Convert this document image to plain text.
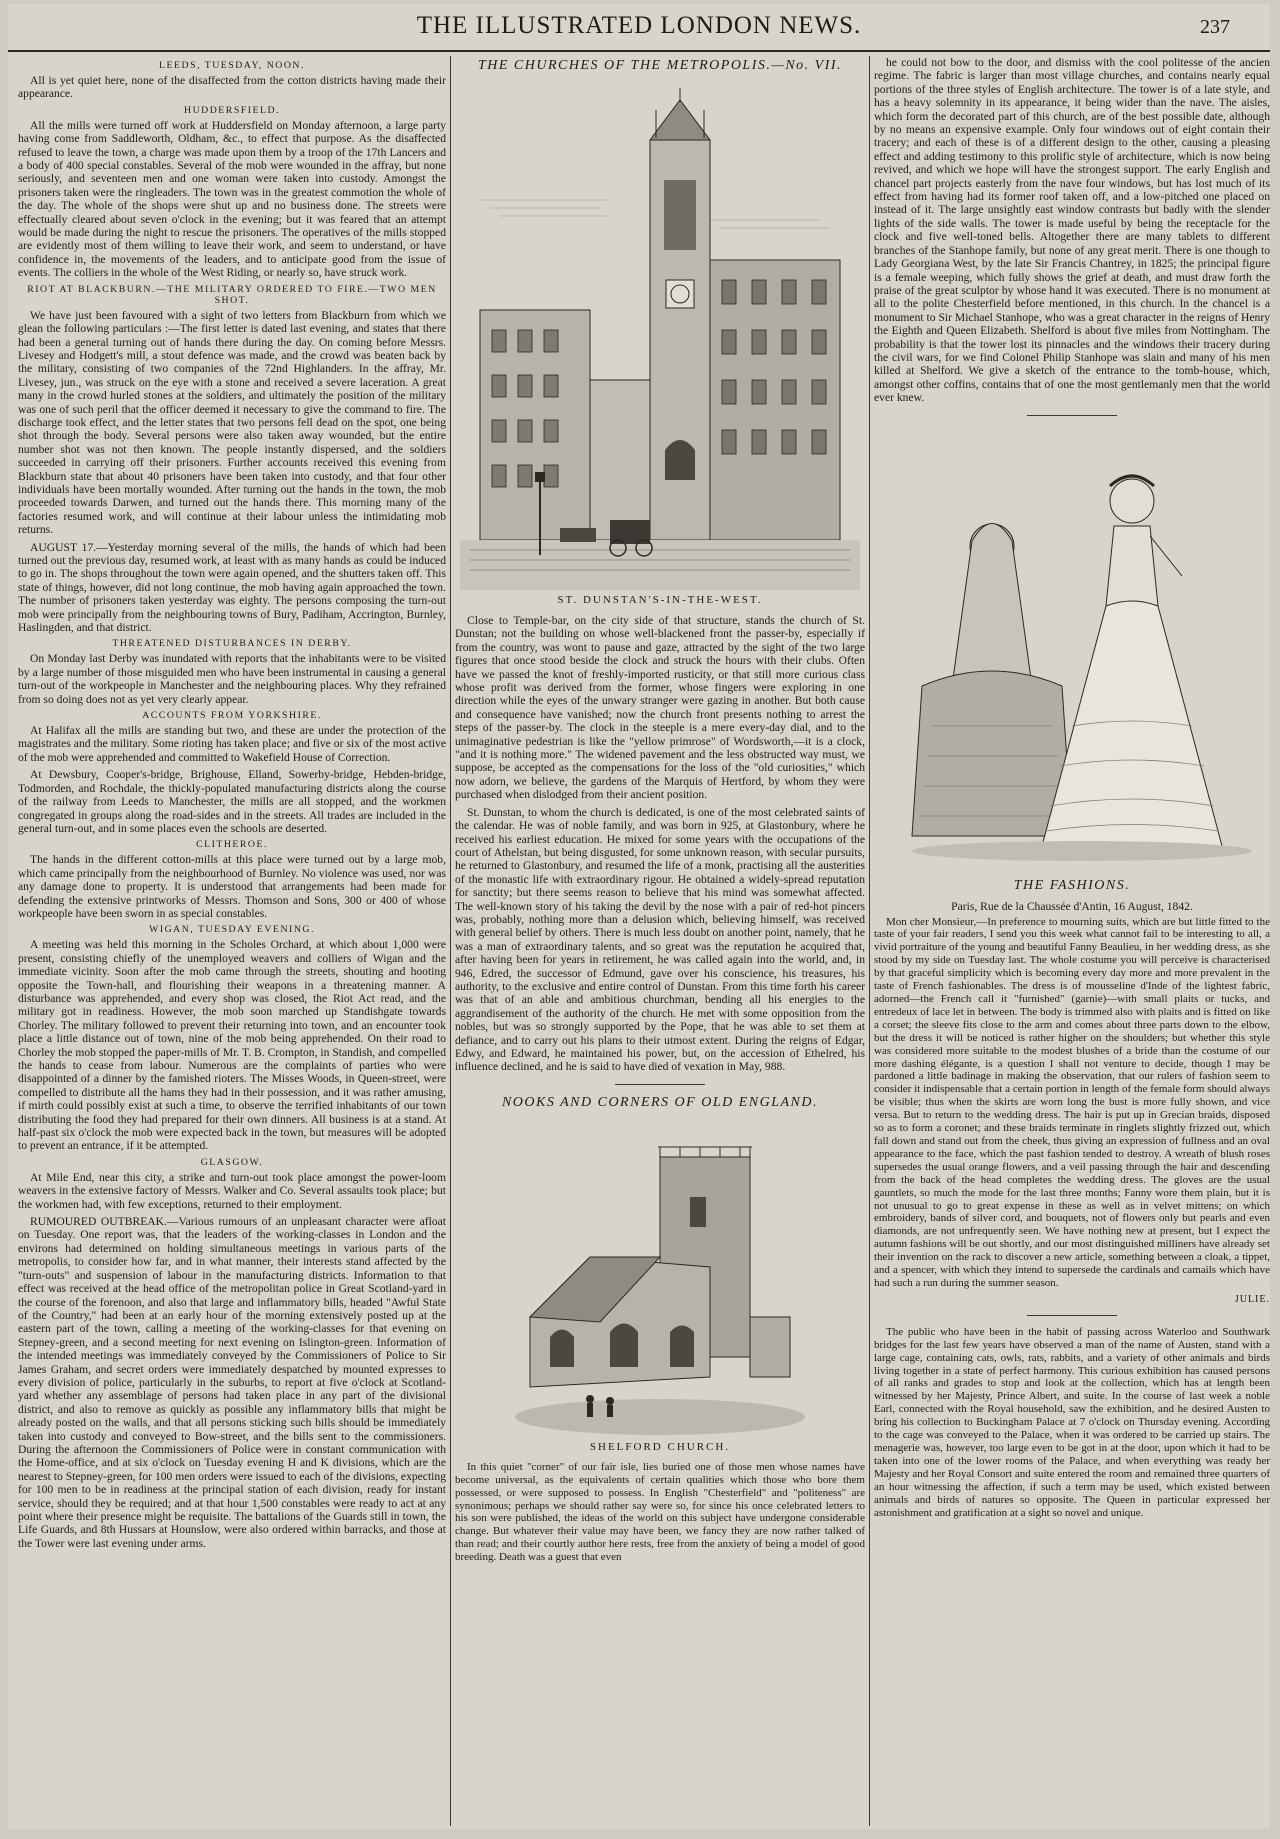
THE ILLUSTRATED LONDON NEWS.	237
LEEDS, TUESDAY, NOON.

All is yet quiet here, none of the disaffected from the cotton districts having made their appearance.

HUDDERSFIELD.

All the mills were turned off work at Huddersfield on Monday afternoon, a large party having come from Saddleworth, Oldham, &c., to effect that purpose. As the disaffected refused to leave the town, a charge was made upon them by a troop of the 17th Lancers and a body of 400 special constables. Several of the mob were wounded in the affray, but none seriously, and seventeen men and one woman were taken into custody. Amongst the prisoners taken were the ringleaders. The town was in the greatest commotion the whole of the day. The whole of the shops were shut up and no business done. The streets were effectually cleared about seven o'clock in the evening; but it was feared that an attempt would be made during the night to rescue the prisoners. The operatives of the mills stopped are evidently most of them willing to leave their work, and seem to understand, or have confidence in, the movements of the leaders, and to anticipate good from the issue of events. The colliers in the whole of the West Riding, or nearly so, have struck work.

RIOT AT BLACKBURN.—THE MILITARY ORDERED TO FIRE.—TWO MEN SHOT.

We have just been favoured with a sight of two letters from Blackburn from which we glean the following particulars :—The first letter is dated last evening, and states that there had been a general turning out of hands there during the day. On coming before Messrs. Livesey and Hodgett's mill, a stout defence was made, and the crowd was beaten back by the military, consisting of two companies of the 72nd Highlanders. In the affray, Mr. Livesey, jun., was struck on the eye with a stone and received a severe laceration. A great many in the crowd hurled stones at the soldiers, and ultimately the position of the military was one of such peril that the officer deemed it necessary to give the command to fire. The discharge took effect, and the letter states that two persons fell dead on the spot, one being shot through the body. Several persons were also taken away wounded, but the entire number shot was not then known. The people instantly dispersed, and the soldiers succeeded in carrying off their prisoners. Further accounts received this evening from Blackburn state that about 40 prisoners have been taken into custody, and that four other individuals have been mortally wounded. After turning out the hands in the town, the mob proceeded towards Darwen, and turned out the hands there. This morning many of the factories resumed work, and will continue at their labour unless the intimidating mob returns.

AUGUST 17.—Yesterday morning several of the mills, the hands of which had been turned out the previous day, resumed work, at least with as many hands as could be induced to go in. The shops throughout the town were again opened, and the shutters taken off. This state of things, however, did not long continue, the mob having again approached the town. The number of prisoners taken yesterday was eighty. The persons composing the turn-out mob were principally from the neighbouring towns of Bury, Padiham, Accrington, Burnley, Haslingden, and that district.

THREATENED DISTURBANCES IN DERBY.

On Monday last Derby was inundated with reports that the inhabitants were to be visited by a large number of those misguided men who have been instrumental in causing a general turn-out of the workpeople in Manchester and the neighbouring places. Why they refrained from so doing does not as yet very clearly appear.

ACCOUNTS FROM YORKSHIRE.

At Halifax all the mills are standing but two, and these are under the protection of the magistrates and the military. Some rioting has taken place; and five or six of the most active of the mob were apprehended and committed to Wakefield House of Correction.

At Dewsbury, Cooper's-bridge, Brighouse, Elland, Sowerby-bridge, Hebden-bridge, Todmorden, and Rochdale, the thickly-populated manufacturing districts along the course of the railway from Leeds to Manchester, the mills are all stopped, and the workmen congregated in groups along the road-sides and in the streets. All trades are included in the general turn-out, and in some places even the schools are deserted.

CLITHEROE.

The hands in the different cotton-mills at this place were turned out by a large mob, which came principally from the neighbourhood of Burnley. No violence was used, nor was any damage done to property. It is understood that arrangements had been made for defending the extensive printworks of Messrs. Thomson and Sons, 300 or 400 of whose workpeople have been sworn in as special constables.

WIGAN, TUESDAY EVENING.

A meeting was held this morning in the Scholes Orchard, at which about 1,000 were present, consisting chiefly of the unemployed weavers and colliers of Wigan and the immediate vicinity. Soon after the mob came through the streets, shouting and hooting opposite the Town-hall, and flourishing their weapons in a threatening manner. A disturbance was apprehended, and every shop was closed, the Riot Act read, and the military got in readiness. However, the mob soon marched up Standishgate towards Chorley. The military followed to prevent their returning into town, and an encounter took place a little distance out of town, nine of the mob being apprehended. On their road to Chorley the mob stopped the paper-mills of Mr. T. B. Crompton, in Standish, and compelled the hands to cease from labour. Numerous are the complaints of parties who were disappointed of a dinner by the famished rioters. The Misses Woods, in Queen-street, were compelled to distribute all the hams they had in their possession, and it was rather amusing, if mirth could possibly exist at such a time, to observe the terrified inhabitants of our town distributing the food they had prepared for their own dinners. All business is at a stand. At half-past six o'clock the mob were expected back in the town, but measures will be adopted to prevent an entrance, if it be attempted.

GLASGOW.

At Mile End, near this city, a strike and turn-out took place amongst the power-loom weavers in the extensive factory of Messrs. Walker and Co. Several assaults took place; but the workmen had, with few exceptions, returned to their employment.

RUMOURED OUTBREAK.—Various rumours of an unpleasant character were afloat on Tuesday. One report was, that the leaders of the working-classes in London and the environs had determined on holding simultaneous meetings in various parts of the metropolis, to consider how far, and in what manner, their interests stand affected by the "turn-outs" and suspension of labour in the manufacturing districts. Information to that effect was received at the head office of the metropolitan police in Great Scotland-yard in the course of the forenoon, and also that large and inflammatory bills, headed "Awful State of the Country," had been at an early hour of the morning extensively posted up at the eastern part of the town, calling a meeting of the working-classes for that evening on Stepney-green, and a second meeting for next evening on Islington-green. Information of the intended meetings was immediately conveyed by the Commissioners of Police to Sir James Graham, and secret orders were immediately despatched by mounted expresses to every division of police, particularly in the suburbs, to report at five o'clock at Scotland-yard whether any assemblage of persons had taken place in any part of the divisional district, and also to remove as quickly as possible any inflammatory bills that might be already posted on the walls, and that all persons sticking such bills should be immediately taken into custody and conveyed to Bow-street, and the bills sent to the commissioners. During the afternoon the Commissioners of Police were in constant communication with the Home-office, and at six o'clock on Tuesday evening H and K divisions, which are the nearest to Stepney-green, for 100 men orders were issued to each of the divisions, expecting for 100 men to be in readiness at the principal station of each division, ready for instant service, should they be required; and at that hour 1,500 constables were ready to act at any point where their presence might be requisite. The battalions of the Guards still in town, the Life Guards, and 8th Hussars at Hounslow, were also ordered within barracks, and those at the Tower were last evening under arms.

THE CHURCHES OF THE METROPOLIS.—No. VII.
ST. DUNSTAN'S-IN-THE-WEST.

Close to Temple-bar, on the city side of that structure, stands the church of St. Dunstan; not the building on whose well-blackened front the passer-by, especially if from the country, was wont to pause and gaze, attracted by the sight of the two large figures that once stood beside the clock and struck the hours with their clubs. Often have we passed the knot of freshly-imported rusticity, or that still more curious class whose profit was derived from the former, whose fingers were exploring in one direction while the eyes of the unwary stranger were gazing in another. But both cause and consequence have vanished; now the church front presents nothing to arrest the steps of the passer-by. The clock in the steeple is a mere every-day dial, and to the unimaginative pedestrian is like the "yellow primrose" of Wordsworth,—it is a clock, "and it is nothing more." The widened pavement and the less obstructed way must, we suppose, be accepted as the compensations for the loss of the "old curiosities," which now adorn, we believe, the gardens of the Marquis of Hertford, by whom they were purchased when dislodged from their ancient position.

St. Dunstan, to whom the church is dedicated, is one of the most celebrated saints of the calendar. He was of noble family, and was born in 925, at Glastonbury, where he received his earliest education. He mixed for some years with the occupations of the court of Athelstan, but being disgusted, for some unknown reason, with secular pursuits, he returned to Glastonbury, and resumed the life of a monk, practising all the austerities of the monastic life with extraordinary rigour. He obtained a widely-spread reputation for sanctity; but there seems reason to believe that his mind was somewhat affected. The well-known story of his taking the devil by the nose with a pair of red-hot pincers was, probably, nothing more than a delusion which, believing himself, was received with general belief by others. There is much less doubt on another point, namely, that he was a man of extraordinary talents, and so great was the reputation he acquired that, after having been for years in retirement, he was called again into the world, and, in 946, Edred, the successor of Edmund, gave over his conscience, his treasures, his authority, to the exclusive and entire control of Dunstan. From this time forth his career was that of an able and ambitious churchman, bending all his energies to the aggrandisement of the authority of the church. He met with some opposition from the nobles, but was so strongly supported by the Pope, that he was able to set them at defiance, and to carry out his plans to their utmost extent. During the reigns of Edgar, Edwy, and Edward, he maintained his power, but, on the accession of Ethelred, his influence declined, and he is said to have died of vexation in May, 988.

NOOKS AND CORNERS OF OLD ENGLAND.
SHELFORD CHURCH.

In this quiet "corner" of our fair isle, lies buried one of those men whose names have become universal, as the equivalents of certain qualities which those who bore them possessed, or were supposed to possess. In English "Chesterfield" and "politeness" are synonimous; perhaps we should rather say were so, for since his once celebrated letters to his son were published, the ideas of the world on this subject have undergone considerable change. But whatever their value may have been, we fancy they are now rather talked of than read; and their courtly author here rests, free from the anxiety of being a model of good breeding. Death was a guest that even

he could not bow to the door, and dismiss with the cool politesse of the ancien regime. The fabric is larger than most village churches, and contains nearly equal portions of the three styles of English architecture. The tower is of a late style, and has a heavy solemnity in its appearance, it being wider than the nave. The aisles, which form the decorated part of this church, are of the best possible date, although by no means an expensive example. Only four windows out of eight contain their tracery; and each of these is of a different design to the other, causing a pleasing effect and adding testimony to this prolific style of architecture, which is now being revived, and which we hope will have the strongest support. The early English and chancel part projects easterly from the nave four windows, but has lost much of its effect from having had its former roof taken off, and a low-pitched one placed on instead of it. The large unsightly east window contrasts but badly with the slender lights of the side walls. The tower is made useful by being the receptacle for the clock and five well-toned bells. Altogether there are many tablets to different branches of the Stanhope family, but none of any great merit. There is one though to Lady Georgiana West, by the late Sir Francis Chantrey, in 1825; the principal figure is a female weeping, which fully shows the grief at death, and must draw forth the praise of the great sculptor by whose hand it was executed. There is no monument at all to the polite Chesterfield before mentioned, in this church. In the chancel is a monument to Sir Michael Stanhope, who was a great character in the reigns of Henry the Eighth and Queen Elizabeth. Shelford is about five miles from Nottingham. The probability is that the tower lost its pinnacles and the windows their tracery during the civil wars, for we find Colonel Philip Stanhope was slain and many of his men killed at Shelford. We give a sketch of the entrance to the tomb-house, which, amongst other coffins, contains that of one the most gentlemanly men that the world ever knew.

THE FASHIONS.
Paris, Rue de la Chaussée d'Antin, 16 August, 1842.

Mon cher Monsieur,—In preference to mourning suits, which are but little fitted to the taste of your fair readers, I send you this week what cannot fail to be interesting to all, a vivid portraiture of the young and beautiful Fanny Beaulieu, in her wedding dress, as she stood by my side on Tuesday last. The whole costume you will perceive is characterised by that graceful simplicity which is becoming every day more and more prevalent in the taste of French fashionables. The dress is of mousseline d'Inde of the lightest fabric, adorned—the French call it "furnished" (garnie)—with small plaits or tucks, and entredeux of lace let in between. The body is trimmed also with plaits and is fitted on like a corset; the sleeve fits close to the arm and comes about three parts down to the elbow, but the dress it will be noticed is rather higher on the shoulders; but whether this style was considered more suitable to the modest blushes of a bride than the costume of our more dashing élégante, is a question I shall not venture to decide, though I may be pardoned a little badinage in making the observation, that our rulers of fashion seem to consider it indispensable that a certain portion in length of the female form should always be visible; thus when the skirts are worn long the bust is more fully shown, and vice versa. But to return to the wedding dress. The hair is put up in Grecian braids, disposed so as to form a coronet; and these braids terminate in ringlets slightly frizzed out, which fall down and stand out from the cheek, thus giving an expression of fullness and an oval appearance to the face, which the past fashion tended to destroy. A wreath of blush roses supersedes the usual orange flowers, and a veil passing through the hair and descending from the back of the head completes the wedding dress. The gloves are the usual gauntlets, so much the mode for the last three months; Fanny wore them plain, but it is not unusual to go to great expense in these as well as in velvet mittens; on which embroidery, bands of silver cord, and bouquets, not of flowers only but pearls and even diamonds, are not unfrequently seen. We have nothing new at present, but I expect the autumn fashions will be out shortly, and our most distinguished milliners have already set their invention on the rack to discover a new article, something between a cloak, a tippet, and a spencer, with which they intend to supersede the cardinals and camails which have had such a run during the summer season.

JULIE.

The public who have been in the habit of passing across Waterloo and Southwark bridges for the last few years have observed a man of the name of Austen, stand with a large cage, containing cats, owls, rats, rabbits, and a variety of other animals and birds living together in a state of perfect harmony. This curious exhibition has caused persons of all ranks and grades to stop and look at the collection, which has at length been witnessed by her Majesty, Prince Albert, and suite. In the course of last week a noble Earl, connected with the Royal household, saw the exhibition, and he desired Austen to bring his collection to Buckingham Palace at 7 o'clock on Thursday evening. According to the cage was conveyed to the Palace, when it was ordered to be carried up stairs. The menagerie was, however, too large even to be got in at the door, upon which it had to be taken into one of the lower rooms of the Palace, and when everything was ready her Majesty and her Royal Consort and suite entered the room and remained three quarters of an hour witnessing the affection, if such a term may be used, which existed between animals and birds of natures so opposite. The Queen in particular expressed her astonishment and gratification at a sight so novel and unique.
